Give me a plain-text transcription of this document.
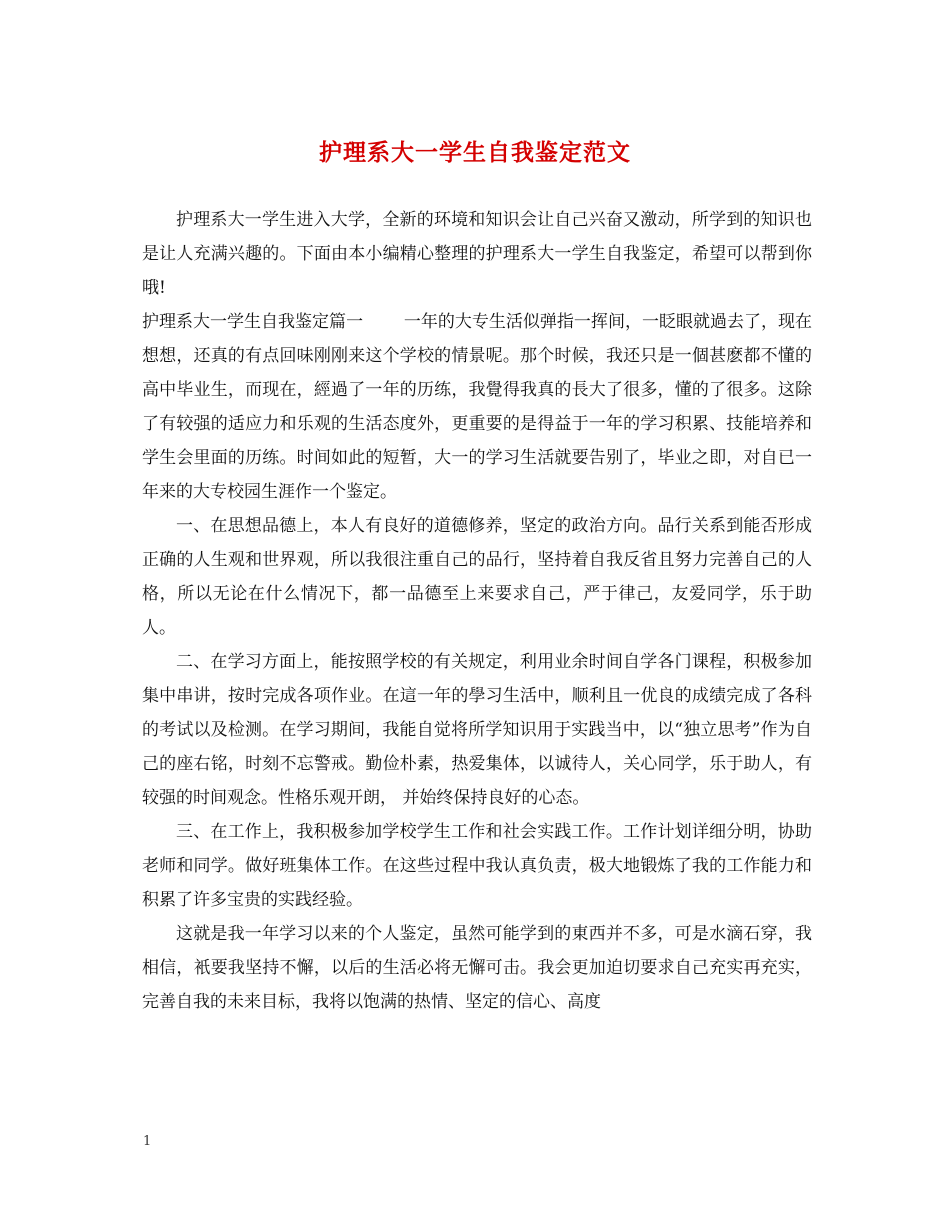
护理系大一学生自我鉴定范文

护理系大一学生进入大学，全新的环境和知识会让自己兴奋又激动，所学到的知识也是让人充满兴趣的。下面由本小编精心整理的护理系大一学生自我鉴定，希望可以帮到你哦!

护理系大一学生自我鉴定篇一 一年的大专生活似弹指一挥间，一眨眼就過去了，现在想想，还真的有点回味刚刚来这个学校的情景呢。那个时候，我还只是一個甚麽都不懂的高中毕业生，而现在，經過了一年的历练，我覺得我真的長大了很多，懂的了很多。这除了有较强的适应力和乐观的生活态度外，更重要的是得益于一年的学习积累、技能培养和学生会里面的历练。时间如此的短暂，大一的学习生活就要告别了，毕业之即，对自已一年来的大专校园生涯作一个鉴定。

一、在思想品德上，本人有良好的道德修养，坚定的政治方向。品行关系到能否形成正确的人生观和世界观，所以我很注重自己的品行，坚持着自我反省且努力完善自己的人格，所以无论在什么情况下，都一品德至上来要求自己，严于律己，友爱同学，乐于助人。

二、在学习方面上，能按照学校的有关规定，利用业余时间自学各门课程，积极参加集中串讲，按时完成各项作业。在這一年的學习生活中，顺利且一优良的成绩完成了各科的考试以及检测。在学习期间，我能自觉将所学知识用于实践当中，以“独立思考”作为自己的座右铭，时刻不忘警戒。勤俭朴素，热爱集体，以诚待人，关心同学，乐于助人，有较强的时间观念。性格乐观开朗， 并始终保持良好的心态。

三、在工作上，我积极参加学校学生工作和社会实践工作。工作计划详细分明，协助老师和同学。做好班集体工作。在这些过程中我认真负责，极大地锻炼了我的工作能力和积累了许多宝贵的实践经验。

这就是我一年学习以来的个人鉴定，虽然可能学到的東西并不多，可是水滴石穿，我相信，衹要我坚持不懈，以后的生活必将无懈可击。我会更加迫切要求自己充实再充实，完善自我的未来目标，我将以饱满的热情、坚定的信心、高度

1
